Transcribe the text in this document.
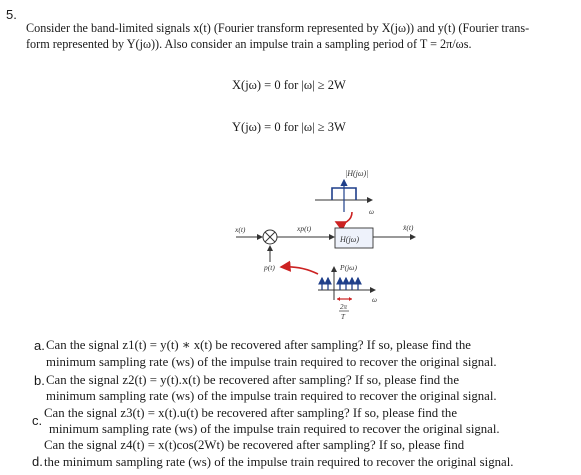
5.
Consider the band-limited signals x(t) (Fourier transform represented by X(jω)) and y(t) (Fourier trans-
form represented by Y(jω)). Also consider an impulse train a sampling period of T = 2π/ωs.
X(jω) = 0 for |ω| ≥ 2W
Y(jω) = 0 for |ω| ≥ 3W
|H(jω)|
ω
H(jω)
x(t)	xp(t)	x̂(t)
p(t)	P(jω)
ω
2π
T
a. Can the signal z1(t) = y(t) ∗ x(t) be recovered after sampling? If so, please find the
minimum sampling rate (ws) of the impulse train required to recover the original signal.
b. Can the signal z2(t) = y(t).x(t) be recovered after sampling? If so, please find the
minimum sampling rate (ws) of the impulse train required to recover the original signal.
c. Can the signal z3(t) = x(t).u(t) be recovered after sampling? If so, please find the
minimum sampling rate (ws) of the impulse train required to recover the original signal.
Can the signal z4(t) = x(t)cos(2Wt) be recovered after sampling? If so, please find
d. the minimum sampling rate (ws) of the impulse train required to recover the original signal.
